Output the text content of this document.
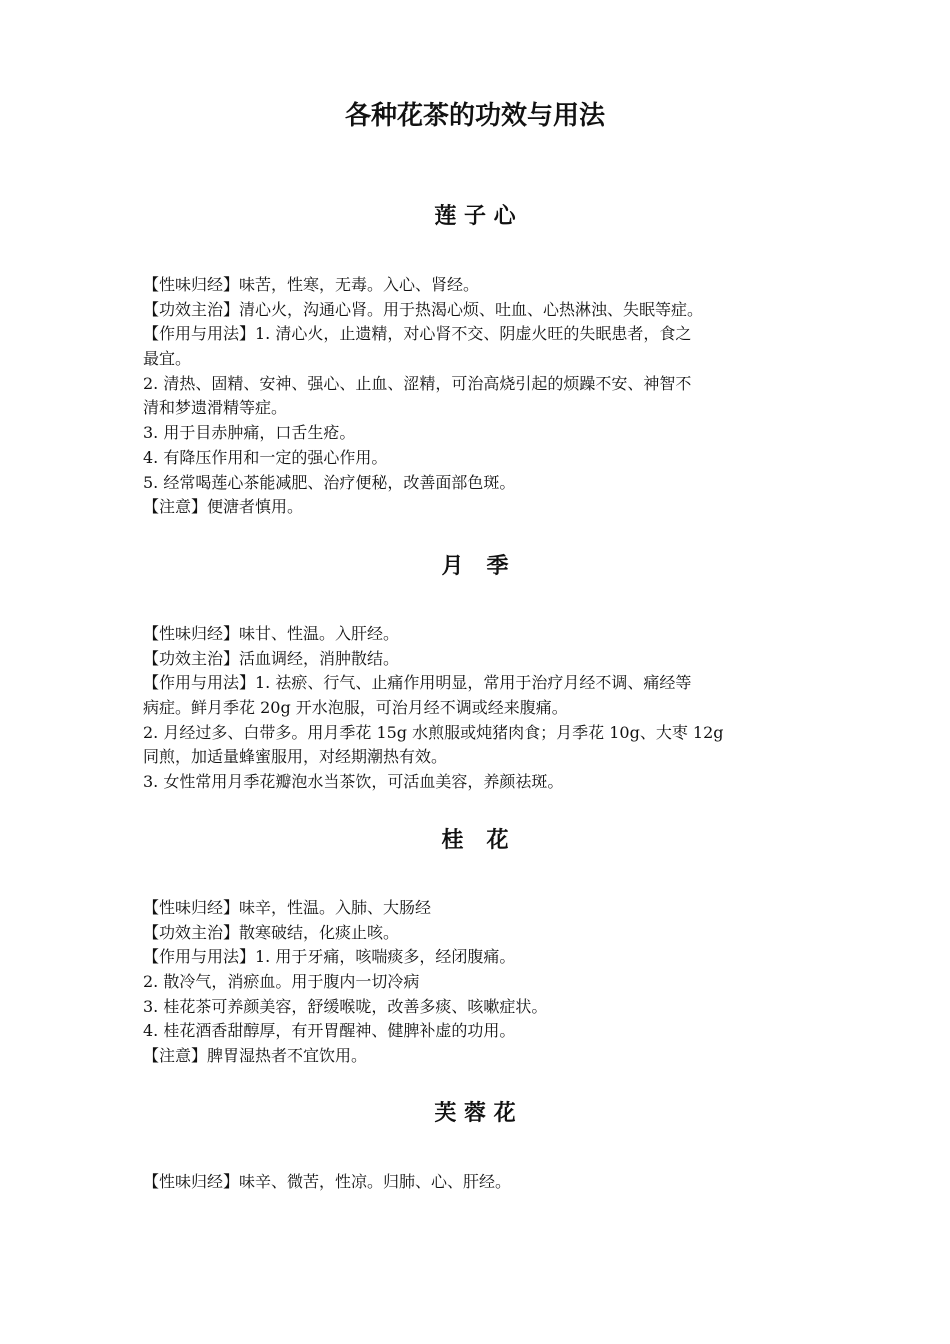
各种花茶的功效与用法
莲 子 心
【性味归经】味苦，性寒，无毒。入心、肾经。
【功效主治】清心火，沟通心肾。用于热渴心烦、吐血、心热淋浊、失眠等症。
【作用与用法】1. 清心火，止遗精，对心肾不交、阴虚火旺的失眠患者，食之
最宜。
2. 清热、固精、安神、强心、止血、涩精，可治高烧引起的烦躁不安、神智不
清和梦遗滑精等症。
3. 用于目赤肿痛，口舌生疮。
4. 有降压作用和一定的强心作用。
5. 经常喝莲心茶能减肥、治疗便秘，改善面部色斑。
【注意】便溏者慎用。
月   季
【性味归经】味甘、性温。入肝经。
【功效主治】活血调经，消肿散结。
【作用与用法】1. 祛瘀、行气、止痛作用明显，常用于治疗月经不调、痛经等
病症。鲜月季花 20g 开水泡服，可治月经不调或经来腹痛。
2. 月经过多、白带多。用月季花 15g 水煎服或炖猪肉食；月季花 10g、大枣 12g
同煎，加适量蜂蜜服用，对经期潮热有效。
3. 女性常用月季花瓣泡水当茶饮，可活血美容，养颜祛斑。
桂   花
【性味归经】味辛，性温。入肺、大肠经
【功效主治】散寒破结，化痰止咳。
【作用与用法】1. 用于牙痛，咳喘痰多，经闭腹痛。
2. 散冷气，消瘀血。用于腹内一切冷病
3. 桂花茶可养颜美容，舒缓喉咙，改善多痰、咳嗽症状。
4. 桂花酒香甜醇厚，有开胃醒神、健脾补虚的功用。
【注意】脾胃湿热者不宜饮用。
芙 蓉 花
【性味归经】味辛、微苦，性凉。归肺、心、肝经。
